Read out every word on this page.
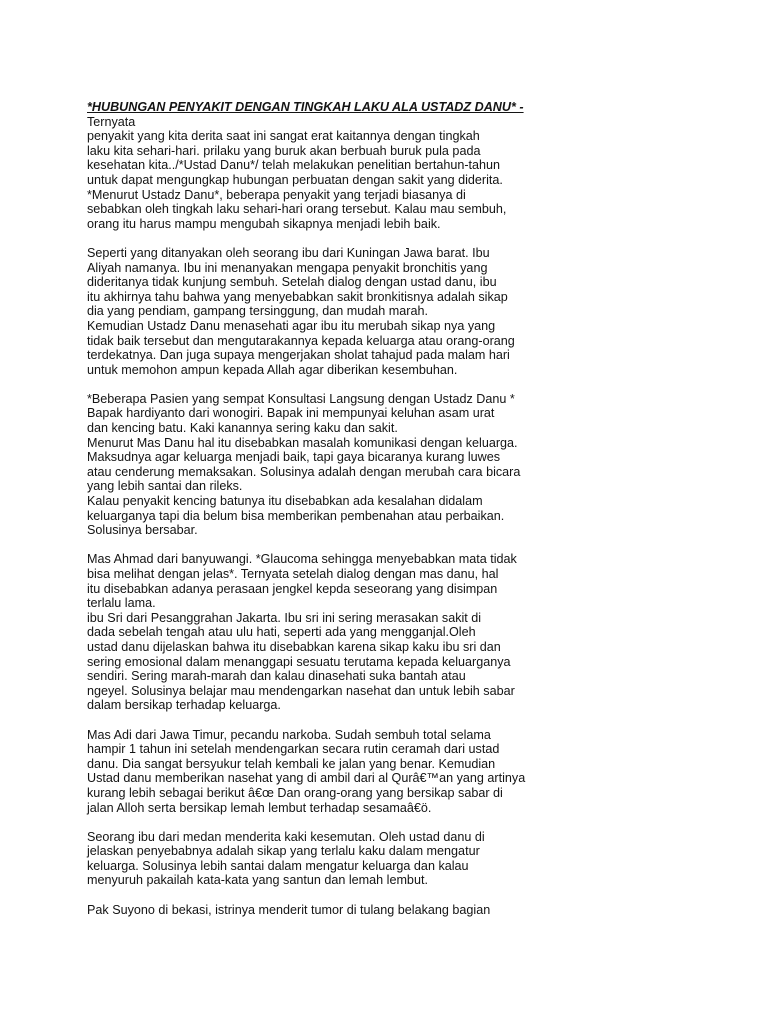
*HUBUNGAN PENYAKIT DENGAN TINGKAH LAKU ALA USTADZ DANU* -
Ternyata
penyakit yang kita derita saat ini sangat erat kaitannya dengan tingkah
laku kita sehari-hari. prilaku yang buruk akan berbuah buruk pula pada
kesehatan kita../*Ustad Danu*/ telah melakukan penelitian bertahun-tahun
untuk dapat mengungkap hubungan perbuatan dengan sakit yang diderita.
*Menurut Ustadz Danu*, beberapa penyakit yang terjadi biasanya di
sebabkan oleh tingkah laku sehari-hari orang tersebut. Kalau mau sembuh,
orang itu harus mampu mengubah sikapnya menjadi lebih baik.
Seperti yang ditanyakan oleh seorang ibu dari Kuningan Jawa barat. Ibu
Aliyah namanya. Ibu ini menanyakan mengapa penyakit bronchitis yang
dideritanya tidak kunjung sembuh. Setelah dialog dengan ustad danu, ibu
itu akhirnya tahu bahwa yang menyebabkan sakit bronkitisnya adalah sikap
dia yang pendiam, gampang tersinggung, dan mudah marah.
Kemudian Ustadz Danu menasehati agar ibu itu merubah sikap nya yang
tidak baik tersebut dan mengutarakannya kepada keluarga atau orang-orang
terdekatnya. Dan juga supaya mengerjakan sholat tahajud pada malam hari
untuk memohon ampun kepada Allah agar diberikan kesembuhan.
*Beberapa Pasien yang sempat Konsultasi Langsung dengan Ustadz Danu *
Bapak hardiyanto dari wonogiri. Bapak ini mempunyai keluhan asam urat
dan kencing batu. Kaki kanannya sering kaku dan sakit.
Menurut Mas Danu hal itu disebabkan masalah komunikasi dengan keluarga.
Maksudnya agar keluarga menjadi baik, tapi gaya bicaranya kurang luwes
atau cenderung memaksakan. Solusinya adalah dengan merubah cara bicara
yang lebih santai dan rileks.
Kalau penyakit kencing batunya itu disebabkan ada kesalahan didalam
keluarganya tapi dia belum bisa memberikan pembenahan atau perbaikan.
Solusinya bersabar.
Mas Ahmad dari banyuwangi. *Glaucoma sehingga menyebabkan mata tidak
bisa melihat dengan jelas*. Ternyata setelah dialog dengan mas danu, hal
itu disebabkan adanya perasaan jengkel kepda seseorang yang disimpan
terlalu lama.
ibu Sri dari Pesanggrahan Jakarta. Ibu sri ini sering merasakan sakit di
dada sebelah tengah atau ulu hati, seperti ada yang mengganjal.Oleh
ustad danu dijelaskan bahwa itu disebabkan karena sikap kaku ibu sri dan
sering emosional dalam menanggapi sesuatu terutama kepada keluarganya
sendiri. Sering marah-marah dan kalau dinasehati suka bantah atau
ngeyel. Solusinya belajar mau mendengarkan nasehat dan untuk lebih sabar
dalam bersikap terhadap keluarga.
Mas Adi dari Jawa Timur, pecandu narkoba. Sudah sembuh total selama
hampir 1 tahun ini setelah mendengarkan secara rutin ceramah dari ustad
danu. Dia sangat bersyukur telah kembali ke jalan yang benar. Kemudian
Ustad danu memberikan nasehat yang di ambil dari al Qurâ€™an yang artinya
kurang lebih sebagai berikut â€œ Dan orang-orang yang bersikap sabar di
jalan Alloh serta bersikap lemah lembut terhadap sesamaâ€ö.
Seorang ibu dari medan menderita kaki kesemutan. Oleh ustad danu di
jelaskan penyebabnya adalah sikap yang terlalu kaku dalam mengatur
keluarga. Solusinya lebih santai dalam mengatur keluarga dan kalau
menyuruh pakailah kata-kata yang santun dan lemah lembut.
Pak Suyono di bekasi, istrinya menderit tumor di tulang belakang bagian
